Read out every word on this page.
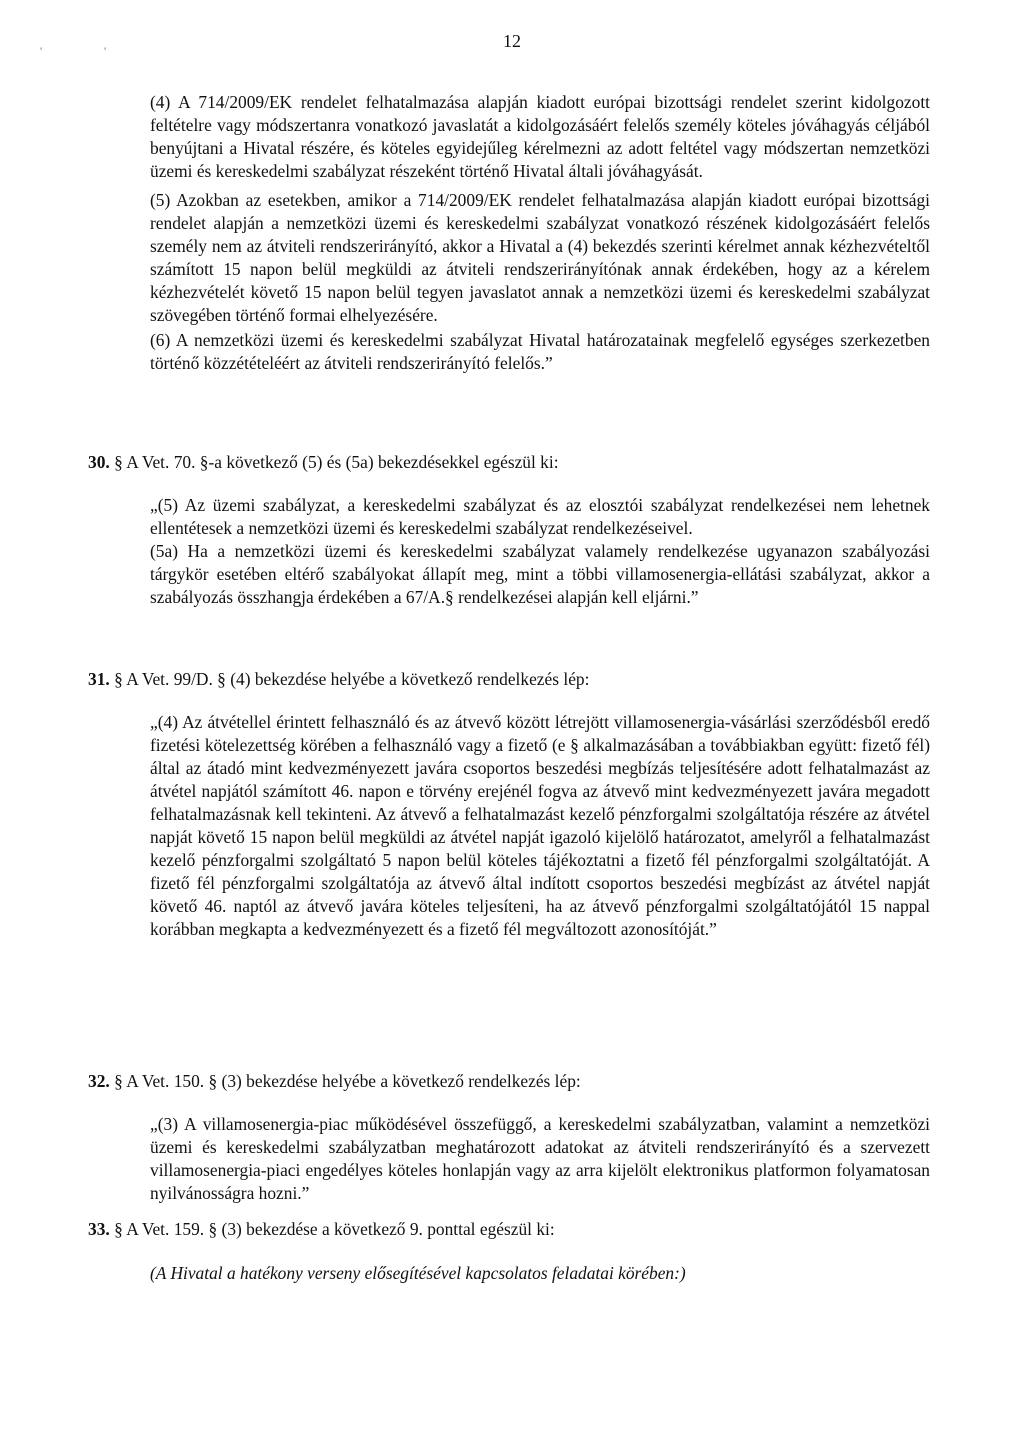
'	'	12

(4) A 714/2009/EK rendelet felhatalmazása alapján kiadott európai bizottsági rendelet szerint kidolgozott feltételre vagy módszertanra vonatkozó javaslatát a kidolgozásáért felelős személy köteles jóváhagyás céljából benyújtani a Hivatal részére, és köteles egyidejűleg kérelmezni az adott feltétel vagy módszertan nemzetközi üzemi és kereskedelmi szabályzat részeként történő Hivatal általi jóváhagyását.

(5) Azokban az esetekben, amikor a 714/2009/EK rendelet felhatalmazása alapján kiadott európai bizottsági rendelet alapján a nemzetközi üzemi és kereskedelmi szabályzat vonatkozó részének kidolgozásáért felelős személy nem az átviteli rendszerirányító, akkor a Hivatal a (4) bekezdés szerinti kérelmet annak kézhezvételtől számított 15 napon belül megküldi az átviteli rendszerirányítónak annak érdekében, hogy az a kérelem kézhezvételét követő 15 napon belül tegyen javaslatot annak a nemzetközi üzemi és kereskedelmi szabályzat szövegében történő formai elhelyezésére.

(6) A nemzetközi üzemi és kereskedelmi szabályzat Hivatal határozatainak megfelelő egységes szerkezetben történő közzétételéért az átviteli rendszerirányító felelős.”

30. § A Vet. 70. §-a következő (5) és (5a) bekezdésekkel egészül ki:

„(5) Az üzemi szabályzat, a kereskedelmi szabályzat és az elosztói szabályzat rendelkezései nem lehetnek ellentétesek a nemzetközi üzemi és kereskedelmi szabályzat rendelkezéseivel.

(5a) Ha a nemzetközi üzemi és kereskedelmi szabályzat valamely rendelkezése ugyanazon szabályozási tárgykör esetében eltérő szabályokat állapít meg, mint a többi villamosenergia-ellátási szabályzat, akkor a szabályozás összhangja érdekében a 67/A.§ rendelkezései alapján kell eljárni.”

31. § A Vet. 99/D. § (4) bekezdése helyébe a következő rendelkezés lép:

„(4) Az átvétellel érintett felhasználó és az átvevő között létrejött villamosenergia-vásárlási szerződésből eredő fizetési kötelezettség körében a felhasználó vagy a fizető (e § alkalmazásában a továbbiakban együtt: fizető fél) által az átadó mint kedvezményezett javára csoportos beszedési megbízás teljesítésére adott felhatalmazást az átvétel napjától számított 46. napon e törvény erejénél fogva az átvevő mint kedvezményezett javára megadott felhatalmazásnak kell tekinteni. Az átvevő a felhatalmazást kezelő pénzforgalmi szolgáltatója részére az átvétel napját követő 15 napon belül megküldi az átvétel napját igazoló kijelölő határozatot, amelyről a felhatalmazást kezelő pénzforgalmi szolgáltató 5 napon belül köteles tájékoztatni a fizető fél pénzforgalmi szolgáltatóját. A fizető fél pénzforgalmi szolgáltatója az átvevő által indított csoportos beszedési megbízást az átvétel napját követő 46. naptól az átvevő javára köteles teljesíteni, ha az átvevő pénzforgalmi szolgáltatójától 15 nappal korábban megkapta a kedvezményezett és a fizető fél megváltozott azonosítóját.”

32. § A Vet. 150. § (3) bekezdése helyébe a következő rendelkezés lép:

„(3) A villamosenergia-piac működésével összefüggő, a kereskedelmi szabályzatban, valamint a nemzetközi üzemi és kereskedelmi szabályzatban meghatározott adatokat az átviteli rendszerirányító és a szervezett villamosenergia-piaci engedélyes köteles honlapján vagy az arra kijelölt elektronikus platformon folyamatosan nyilvánosságra hozni.”

33. § A Vet. 159. § (3) bekezdése a következő 9. ponttal egészül ki:

(A Hivatal a hatékony verseny elősegítésével kapcsolatos feladatai körében:)
